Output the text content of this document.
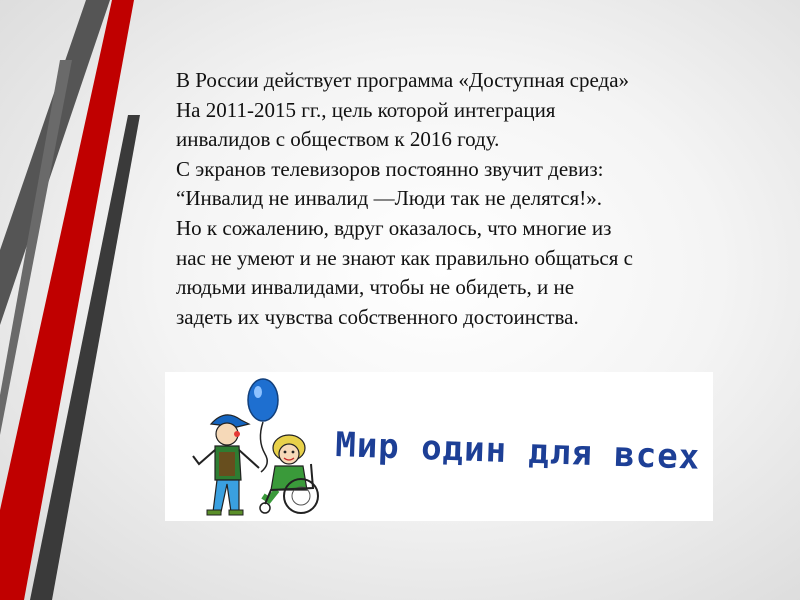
В России действует программа «Доступная среда»
На 2011-2015 гг., цель которой интеграция
инвалидов с обществом к 2016 году.
С экранов телевизоров постоянно звучит девиз:
“Инвалид не инвалид —Люди так не делятся!».
Но к сожалению, вдруг оказалось, что многие из
нас не умеют и не знают как правильно общаться с
людьми инвалидами, чтобы не обидеть, и не
задеть их чувства собственного достоинства.
Мир один для всех
